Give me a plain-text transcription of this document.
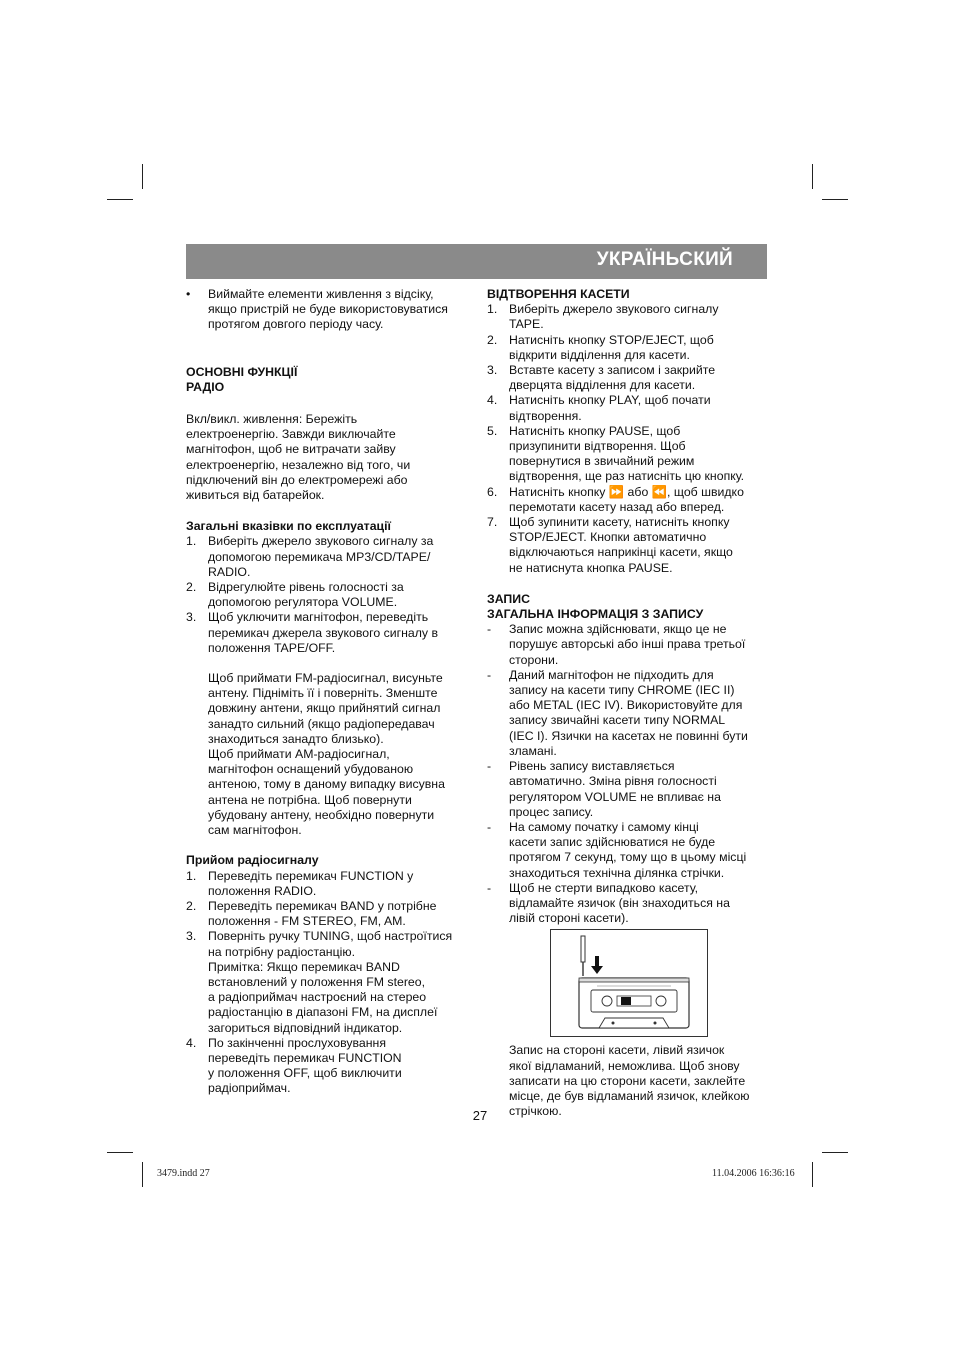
УКРАЇНЬСКИЙ
•	Виймайте елементи живлення з відсіку,
якщо пристрій не буде використовуватися
протягом довгого періоду часу.
ОСНОВНІ ФУНКЦІЇ
РАДІО
Вкл/викл. живлення: Бережіть
електроенергію. Завжди виключайте
магнітофон, щоб не витрачати зайву
електроенергію, незалежно від того, чи
підключений він до електромережі або
живиться від батарейок.
Загальні вказівки по експлуатації
1. Виберіть джерело звукового сигналу за
допомогою перемикача MP3/CD/TAPE/
RADIO.
2. Відрегулюйте рівень голосності за
допомогою регулятора VOLUME.
3. Щоб уключити магнітофон, переведіть
перемикач джерела звукового сигналу в
положення TAPE/OFF.
Щоб приймати FM-радіосигнал, висуньте
антену. Підніміть її і поверніть. Зменште
довжину антени, якщо прийнятий сигнал
занадто сильний (якщо радіопередавач
знаходиться занадто близько).
Щоб приймати АМ-радіосигнал,
магнітофон оснащений убудованою
антеною, тому в даному випадку висувна
антена не потрібна. Щоб повернути
убудовану антену, необхідно повернути
сам магнітофон.
Прийом радіосигналу
1. Переведіть перемикач FUNCTION у
положення RADIO.
2. Переведіть перемикач BAND у потрібне
положення - FM STEREO, FM, AM.
3. Поверніть ручку TUNING, щоб настроїтися
на потрібну радіостанцію.
Примітка: Якщо перемикач BAND
встановлений у положення FM stereo,
а радіоприймач настроєний на стерео
радіостанцію в діапазоні FM, на дисплеї
загориться відповідний індикатор.
4. По закінченні прослуховування
переведіть перемикач FUNCTION
у положення OFF, щоб виключити
радіоприймач.
ВІДТВОРЕННЯ КАСЕТИ
1. Виберіть джерело звукового сигналу
TAPE.
2. Натисніть кнопку STOP/EJECT, щоб
відкрити відділення для касети.
3. Вставте касету з записом і закрийте
дверцята відділення для касети.
4. Натисніть кнопку PLAY, щоб почати
відтворення.
5. Натисніть кнопку PAUSE, щоб
призупинити відтворення. Щоб
повернутися в звичайний режим
відтворення, ще раз натисніть цю кнопку.
6. Натисніть кнопку ⏩ або ⏪, щоб швидко
перемотати касету назад або вперед.
7. Щоб зупинити касету, натисніть кнопку
STOP/EJECT. Кнопки автоматично
відключаються наприкінці касети, якщо
не натиснута кнопка PAUSE.
ЗАПИС
ЗАГАЛЬНА ІНФОРМАЦІЯ З ЗАПИСУ
-	Запис можна здійснювати, якщо це не
порушує авторські або інші права третьої
сторони.
-	Даний магнітофон не підходить для
запису на касети типу CHROME (IEC II)
або METAL (IEC IV). Використовуйте для
запису звичайні касети типу NORMAL
(IEC I). Язички на касетах не повинні бути
зламані.
-	Рівень запису виставляється
автоматично. Зміна рівня голосності
регулятором VOLUME не впливає на
процес запису.
-	На самому початку і самому кінці
касети запис здійснюватися не буде
протягом 7 секунд, тому що в цьому місці
знаходиться технічна ділянка стрічки.
-	Щоб не стерти випадково касету,
відламайте язичок (він знаходиться на
лівій стороні касети).
Запис на стороні касети, лівий язичок
якої відламаний, неможлива. Щоб знову
записати на цю сторони касети, заклейте
місце, де був відламаний язичок, клейкою
стрічкою.
27
3479.indd 27	11.04.2006 16:36:16
